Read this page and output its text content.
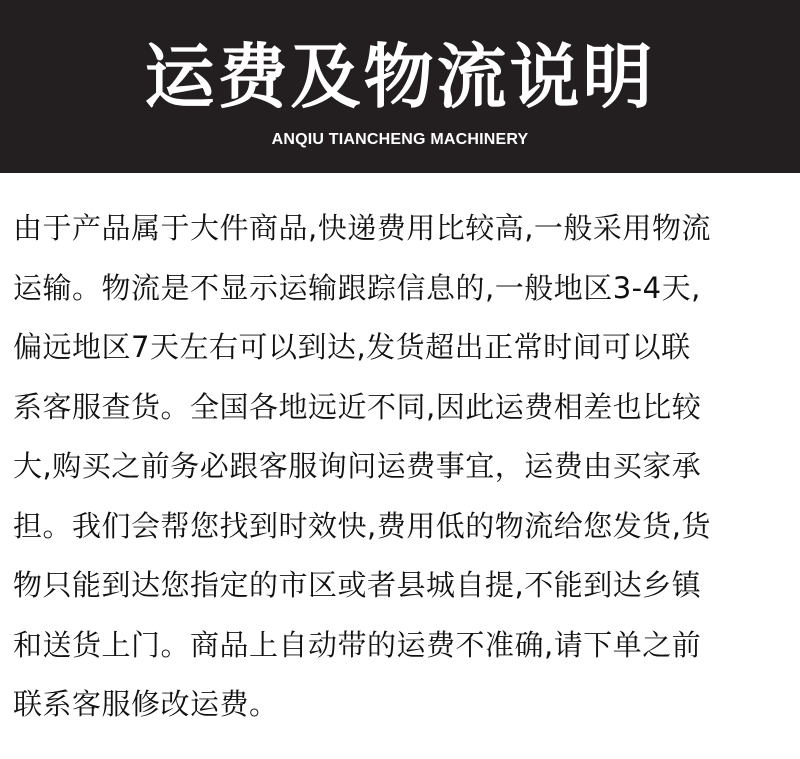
运费及物流说明
ANQIU TIANCHENG MACHINERY
由于产品属于大件商品,快递费用比较高,一般采用物流
运输。物流是不显示运输跟踪信息的,一般地区3-4天,
偏远地区7天左右可以到达,发货超出正常时间可以联
系客服查货。全国各地远近不同,因此运费相差也比较
大,购买之前务必跟客服询问运费事宜，运费由买家承
担。我们会帮您找到时效快,费用低的物流给您发货,货
物只能到达您指定的市区或者县城自提,不能到达乡镇
和送货上门。商品上自动带的运费不准确,请下单之前
联系客服修改运费。
